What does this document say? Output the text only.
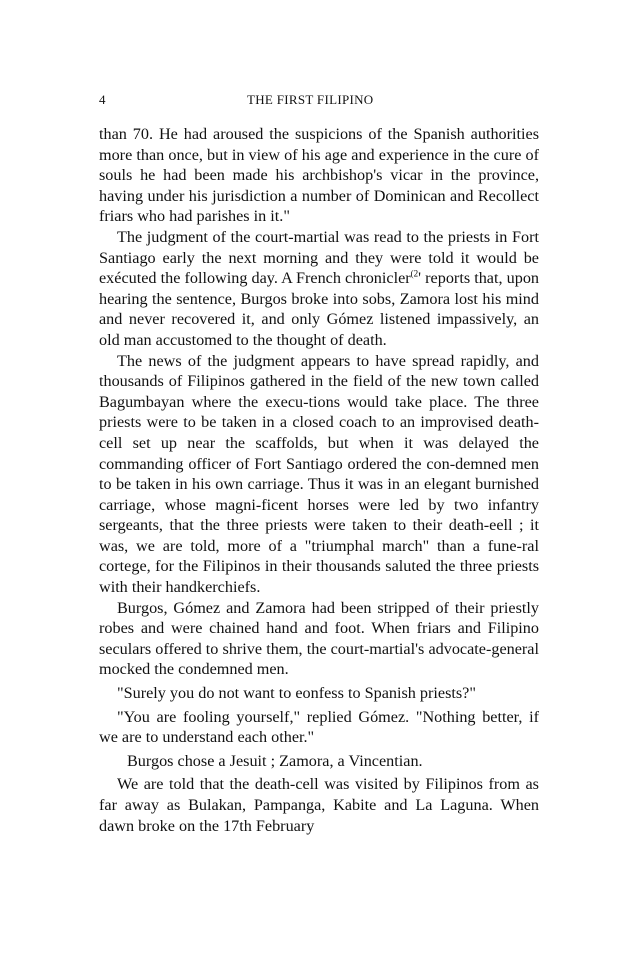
4	THE FIRST FILIPINO

than 70. He had aroused the suspicions of the Spanish authorities more than once, but in view of his age and experience in the cure of souls he had been made his archbishop's vicar in the province, having under his jurisdiction a number of Dominican and Recollect friars who had parishes in it."

The judgment of the court-martial was read to the priests in Fort Santiago early the next morning and they were told it would be exécuted the following day. A French chronicler$^{(2}$' reports that, upon hearing the sentence, Burgos broke into sobs, Zamora lost his mind and never recovered it, and only Gómez listened impassively, an old man accustomed to the thought of death.

The news of the judgment appears to have spread rapidly, and thousands of Filipinos gathered in the field of the new town called Bagumbayan where the execu-tions would take place. The three priests were to be taken in a closed coach to an improvised death-cell set up near the scaffolds, but when it was delayed the commanding officer of Fort Santiago ordered the con-demned men to be taken in his own carriage. Thus it was in an elegant burnished carriage, whose magni-ficent horses were led by two infantry sergeants, that the three priests were taken to their death-eell ; it was, we are told, more of a "triumphal march" than a fune-ral cortege, for the Filipinos in their thousands saluted the three priests with their handkerchiefs.

Burgos, Gómez and Zamora had been stripped of their priestly robes and were chained hand and foot. When friars and Filipino seculars offered to shrive them, the court-martial's advocate-general mocked the condemned men.

"Surely you do not want to eonfess to Spanish priests?"

"You are fooling yourself," replied Gómez. "Nothing better, if we are to understand each other."

Burgos chose a Jesuit ; Zamora, a Vincentian.

We are told that the death-cell was visited by Filipinos from as far away as Bulakan, Pampanga, Kabite and La Laguna. When dawn broke on the 17th February
